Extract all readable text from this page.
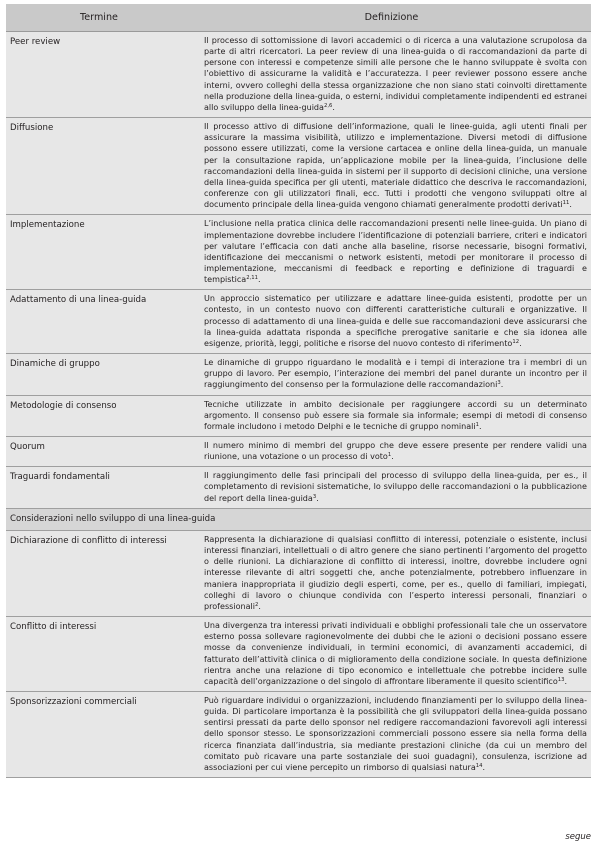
Termine	Definizione
Peer review	Il processo di sottomissione di lavori accademici o di ricerca a una valutazione scrupolosa da parte di altri ricercatori. La peer review di una linea-guida o di raccomandazioni da parte di persone con interessi e competenze simili alle persone che le hanno sviluppate è svolta con l’obiettivo di assicurarne la validità e l’accuratezza. I peer reviewer possono essere anche interni, ovvero colleghi della stessa organizzazione che non siano stati coinvolti direttamente nella produzione della linea-guida, o esterni, individui completamente indipendenti ed estranei allo sviluppo della linea-guida$^{2,6}$.
Diffusione	Il processo attivo di diffusione dell’informazione, quali le linee-guida, agli utenti finali per assicurare la massima visibilità, utilizzo e implementazione. Diversi metodi di diffusione possono essere utilizzati, come la versione cartacea e online della linea-guida, un manuale per la consultazione rapida, un’applicazione mobile per la linea-guida, l’inclusione delle raccomandazioni della linea-guida in sistemi per il supporto di decisioni cliniche, una versione della linea-guida specifica per gli utenti, materiale didattico che descriva le raccomandazioni, conferenze con gli utilizzatori finali, ecc. Tutti i prodotti che vengono sviluppati oltre al documento principale della linea-guida vengono chiamati generalmente prodotti derivati$^{11}$.
Implementazione	L’inclusione nella pratica clinica delle raccomandazioni presenti nelle linee-guida. Un piano di implementazione dovrebbe includere l’identificazione di potenziali barriere, criteri e indicatori per valutare l’efficacia con dati anche alla baseline, risorse necessarie, bisogni formativi, identificazione dei meccanismi o network esistenti, metodi per monitorare il processo di implementazione, meccanismi di feedback e reporting e definizione di traguardi e tempistica$^{2,11}$.
Adattamento di una linea-guida	Un approccio sistematico per utilizzare e adattare linee-guida esistenti, prodotte per un contesto, in un contesto nuovo con differenti caratteristiche culturali e organizzative. Il processo di adattamento di una linea-guida e delle sue raccomandazioni deve assicurarsi che la linea-guida adattata risponda a specifiche prerogative sanitarie e che sia idonea alle esigenze, priorità, leggi, politiche e risorse del nuovo contesto di riferimento$^{12}$.
Dinamiche di gruppo	Le dinamiche di gruppo riguardano le modalità e i tempi di interazione tra i membri di un gruppo di lavoro. Per esempio, l’interazione dei membri del panel durante un incontro per il raggiungimento del consenso per la formulazione delle raccomandazioni$^3$.
Metodologie di consenso	Tecniche utilizzate in ambito decisionale per raggiungere accordi su un determinato argomento. Il consenso può essere sia formale sia informale; esempi di metodi di consenso formale includono i metodo Delphi e le tecniche di gruppo nominali$^1$.
Quorum	Il numero minimo di membri del gruppo che deve essere presente per rendere validi una riunione, una votazione o un processo di voto$^1$.
Traguardi fondamentali	Il raggiungimento delle fasi principali del processo di sviluppo della linea-guida, per es., il completamento di revisioni sistematiche, lo sviluppo delle raccomandazioni o la pubblicazione del report della linea-guida$^3$.
Considerazioni nello sviluppo di una linea-guida	
Dichiarazione di conflitto di interessi	Rappresenta la dichiarazione di qualsiasi conflitto di interessi, potenziale o esistente, inclusi interessi finanziari, intellettuali o di altro genere che siano pertinenti l’argomento del progetto o delle riunioni. La dichiarazione di conflitto di interessi, inoltre, dovrebbe includere ogni interesse rilevante di altri soggetti che, anche potenzialmente, potrebbero influenzare in maniera inappropriata il giudizio degli esperti, come, per es., quello di familiari, impiegati, colleghi di lavoro o chiunque condivida con l’esperto interessi personali, finanziari o professionali$^2$.
Conflitto di interessi	Una divergenza tra interessi privati individuali e obblighi professionali tale che un osservatore esterno possa sollevare ragionevolmente dei dubbi che le azioni o decisioni possano essere mosse da convenienze individuali, in termini economici, di avanzamenti accademici, di fatturato dell’attività clinica o di miglioramento della condizione sociale. In questa definizione rientra anche una relazione di tipo economico e intellettuale che potrebbe incidere sulle capacità dell’organizzazione o del singolo di affrontare liberamente il quesito scientifico$^{13}$.
Sponsorizzazioni commerciali	Può riguardare individui o organizzazioni, includendo finanziamenti per lo sviluppo della linea-guida. Di particolare importanza è la possibilità che gli sviluppatori della linea-guida possano sentirsi pressati da parte dello sponsor nel redigere raccomandazioni favorevoli agli interessi dello sponsor stesso. Le sponsorizzazioni commerciali possono essere sia nella forma della ricerca finanziata dall’industria, sia mediante prestazioni cliniche (da cui un membro del comitato può ricavare una parte sostanziale dei suoi guadagni), consulenza, iscrizione ad associazioni per cui viene percepito un rimborso di qualsiasi natura$^{14}$.
segue
